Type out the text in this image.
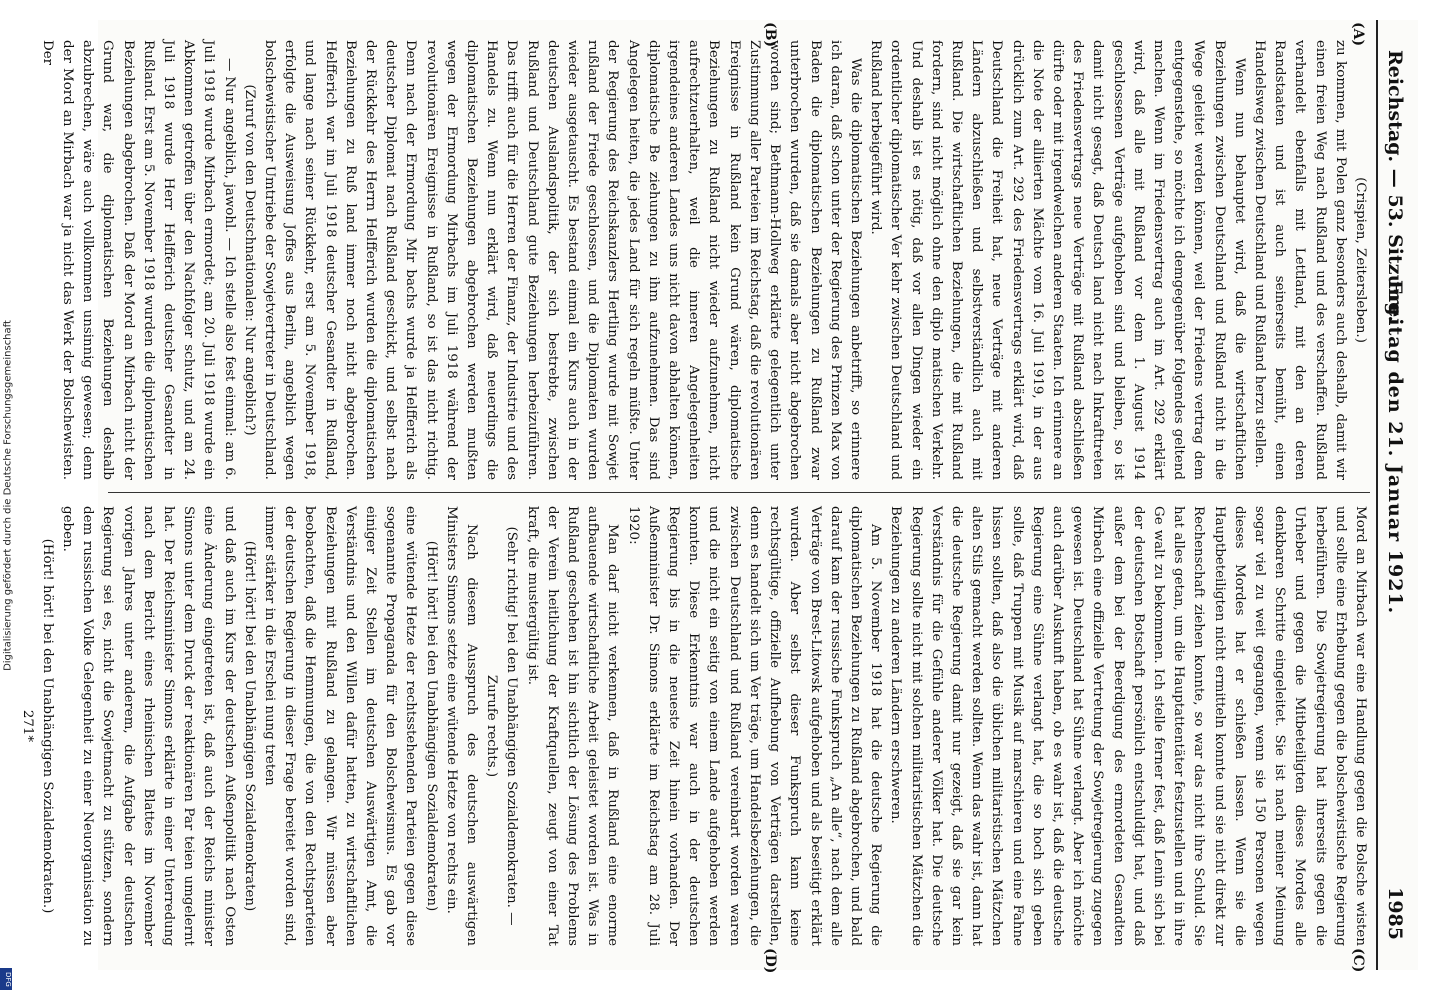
Digitalisierung gefördert durch die Deutsche Forschungsgemeinschaft
DFG
Reichstag. — 53. Sitzung.
Freitag den 21. Januar 1921.
1985
(A)
(B)
(C)
(D)

(Crispien, Zeitersleben.)

zu kommen, mit Polen ganz besonders auch deshalb, damit wir einen freien Weg nach Rußland und des verschaffen. Rußland verhandelt ebenfalls mit Lettland, mit den an deren Randstaaten und ist auch seinerseits bemüht, einen Handelsweg zwischen Deutschland und Rußland herzu stellen.

Wenn nun behauptet wird, daß die wirtschaftlichen Beziehungen zwischen Deutschland und Rußland nicht in die Wege geleitet werden können, weil der Friedens vertrag dem entgegenstehe, so möchte ich demgegenüber folgendes geltend machen. Wenn im Friedensvertrag auch im Art. 292 erklärt wird, daß alle mit Rußland vor dem 1. August 1914 geschlossenen Verträge aufgehoben sind und bleiben, so ist damit nicht gesagt, daß Deutsch land nicht nach Inkrafttreten des Friedensvertrags neue Verträge mit Rußland abschließen dürfte oder mit irgendwelchen anderen Staaten. Ich erinnere an die Note der alliierten Mächte vom 16. Juli 1919, in der aus drücklich zum Art. 292 des Friedensvertrags erklärt wird, daß Deutschland die Freiheit hat, neue Verträge mit anderen Ländern abzuschließen und selbstverständlich auch mit Rußland. Die wirtschaftlichen Beziehungen, die mit Rußland fordern, sind nicht möglich ohne den diplo matischen Verkehr. Und deshalb ist es nötig, daß vor allen Dingen wieder ein ordentlicher diplomatischer Ver kehr zwischen Deutschland und Rußland herbeigeführt wird.

Was die diplomatischen Beziehungen anbetrifft, so erinnere ich daran, daß schon unter der Regierung des Prinzen Max von Baden die diplomatischen Beziehungen zu Rußland zwar unterbrochen wurden, daß sie damals aber nicht abgebrochen worden sind; Bethmann-Hollweg erklärte gelegentlich unter Zustimmung aller Parteien im Reichstag, daß die revolutionären Ereignisse in Rußland kein Grund wären, diplomatische Beziehungen zu Rußland nicht wieder aufzunehmen, nicht aufrechtzuerhalten, weil die inneren Angelegenheiten irgendeines anderen Landes uns nicht davon abhalten können, diplomatische Be ziehungen zu ihm aufzunehmen. Das sind Angelegen heiten, die jedes Land für sich regeln müßte. Unter der Regierung des Reichskanzlers Hertling wurde mit Sowjet rußland der Friede geschlossen, und die Diplomaten wurden wieder ausgetauscht. Es bestand einmal ein Kurs auch in der deutschen Auslandspolitik, der sich bestrebte, zwischen Rußland und Deutschland gute Beziehungen herbeizuführen. Das trifft auch für die Herren der Finanz, der Industrie und des Handels zu. Wenn nun erklärt wird, daß neuerdings die diplomatischen Beziehungen abgebrochen werden mußten wegen der Ermordung Mirbachs im Juli 1918 während der revolutionären Ereignisse in Rußland, so ist das nicht richtig. Denn nach der Ermordung Mir bachs wurde ja Helfferich als deutscher Diplomat nach Rußland geschickt, und selbst nach der Rückkehr des Herrn Helfferich wurden die diplomatischen Beziehungen zu Ruß land immer noch nicht abgebrochen. Helfferich war im Juli 1918 deutscher Gesandter in Rußland, und lange nach seiner Rückkehr, erst am 5. November 1918, erfolgte die Ausweisung Joffes aus Berlin, angeblich wegen bolschewistischer Umtriebe der Sowjetvertreter in Deutschland.

(Zuruf von den Deutschnationalen: Nur angeblich?)

— Nur angeblich, jawohl. — Ich stelle also fest einmal: am 6. Juli 1918 wurde Mirbach ermordet; am 20. Juli 1918 wurde ein Abkommen getroffen über den Nachfolger schutz, und am 24. Juli 1918 wurde Herr Helfferich deutscher Gesandter in Rußland. Erst am 5. November 1918 wurden die diplomatischen Beziehungen abgebrochen. Daß der Mord an Mirbach nicht der Grund war, die diplomatischen Beziehungen deshalb abzubrechen, wäre auch vollkommen unsinnig gewesen; denn der Mord an Mirbach war ja nicht das Werk der Bolschewisten. Der

Mord an Mirbach war eine Handlung gegen die Bolsche wisten und sollte eine Erhebung gegen die bolschewistische Regierung herbeiführen. Die Sowjetregierung hat ihrerseits gegen die Urheber und gegen die Mitbeteiligten dieses Mordes alle denkbaren Schritte eingeleitet. Sie ist nach meiner Meinung sogar viel zu weit gegangen, wenn sie 150 Personen wegen dieses Mordes hat er schießen lassen. Wenn sie die Hauptbeteiligten nicht ermitteln konnte und sie nicht direkt zur Rechenschaft ziehen konnte, so war das nicht ihre Schuld. Sie hat alles getan, um die Hauptattentäter festzustellen und in ihre Ge walt zu bekommen. Ich stelle ferner fest, daß Lenin sich bei der deutschen Botschaft persönlich entschuldigt hat, und daß außer dem bei der Beerdigung des ermordeten Gesandten Mirbach eine offizielle Vertretung der Sowjetregierung zugegen gewesen ist. Deutschland hat Sühne verlangt. Aber ich möchte auch darüber Auskunft haben, ob es wahr ist, daß die deutsche Regierung eine Sühne verlangt hat, die so hoch sich geben sollte, daß Truppen mit Musik auf marschieren und eine Fahne hissen sollten, daß also die üblichen militaristischen Mätzchen alten Stils gemacht werden sollten. Wenn das wahr ist, dann hat die deutsche Regierung damit nur gezeigt, daß sie gar kein Verständnis für die Gefühle anderer Völker hat. Die deutsche Regierung sollte nicht mit solchen militaristischen Mätzchen die Beziehungen zu anderen Ländern erschweren.

Am 5. November 1918 hat die deutsche Regierung die diplomatischen Beziehungen zu Rußland abgebrochen, und bald darauf kam der russische Funkspruch „An alle“, nach dem alle Verträge von Brest-Litowsk aufgehoben und als beseitigt erklärt wurden. Aber selbst dieser Funkspruch kann keine rechtsgültige, offizielle Aufhebung von Verträgen darstellen, denn es handelt sich um Ver träge, um Handelsbeziehungen, die zwischen Deutschland und Rußland vereinbart worden waren und die nicht ein seitig von einem Lande aufgehoben werden konnten. Diese Erkenntnis war auch in der deutschen Regierung bis in die neueste Zeit hinein vorhanden. Der Außenminister Dr. Simons erklärte im Reichstag am 28. Juli 1920:

Man darf nicht verkennen, daß in Rußland eine enorme aufbauende wirtschaftliche Arbeit geleistet worden ist. Was in Rußland geschehen ist hin sichtlich der Lösung des Problems der Verein heitlichung der Kraftquellen, zeugt von einer Tat kraft, die mustergültig ist.

(Sehr richtig! bei den Unabhängigen Sozialdemokraten. — Zurufe rechts.)

Nach diesem Ausspruch des deutschen auswärtigen Ministers Simons setzte eine wütende Hetze von rechts ein.

(Hört! hört! bei den Unabhängigen Sozialdemokraten)

eine wütende Hetze der rechtsstehenden Parteien gegen diese sogenannte Propaganda für den Bolschewismus. Es gab vor einiger Zeit Stellen im deutschen Auswärtigen Amt, die Verständnis und den Willen dafür hatten, zu wirtschaftlichen Beziehungen mit Rußland zu gelangen. Wir müssen aber beobachten, daß die Hemmungen, die von den Rechtsparteien der deutschen Regierung in dieser Frage bereitet worden sind, immer stärker in die Erschei nung treten

(Hört! hört! bei den Unabhängigen Sozialdemokraten)

und daß auch im Kurs der deutschen Außenpolitik nach Osten eine Änderung eingetreten ist, daß auch der Reichs minister Simons unter dem Druck der reaktionären Par teien umgelernt hat. Der Reichsminister Simons erklärte in einer Unterredung nach dem Bericht eines rheinischen Blattes im November vorigen Jahres unter anderem, die Aufgabe der deutschen Regierung sei es, nicht die Sowjetmacht zu stützen, sondern dem russischen Volke Gelegenheit zu einer Neuorganisation zu geben.

(Hört! hört! bei den Unabhängigen Sozialdemokraten.)

271*
